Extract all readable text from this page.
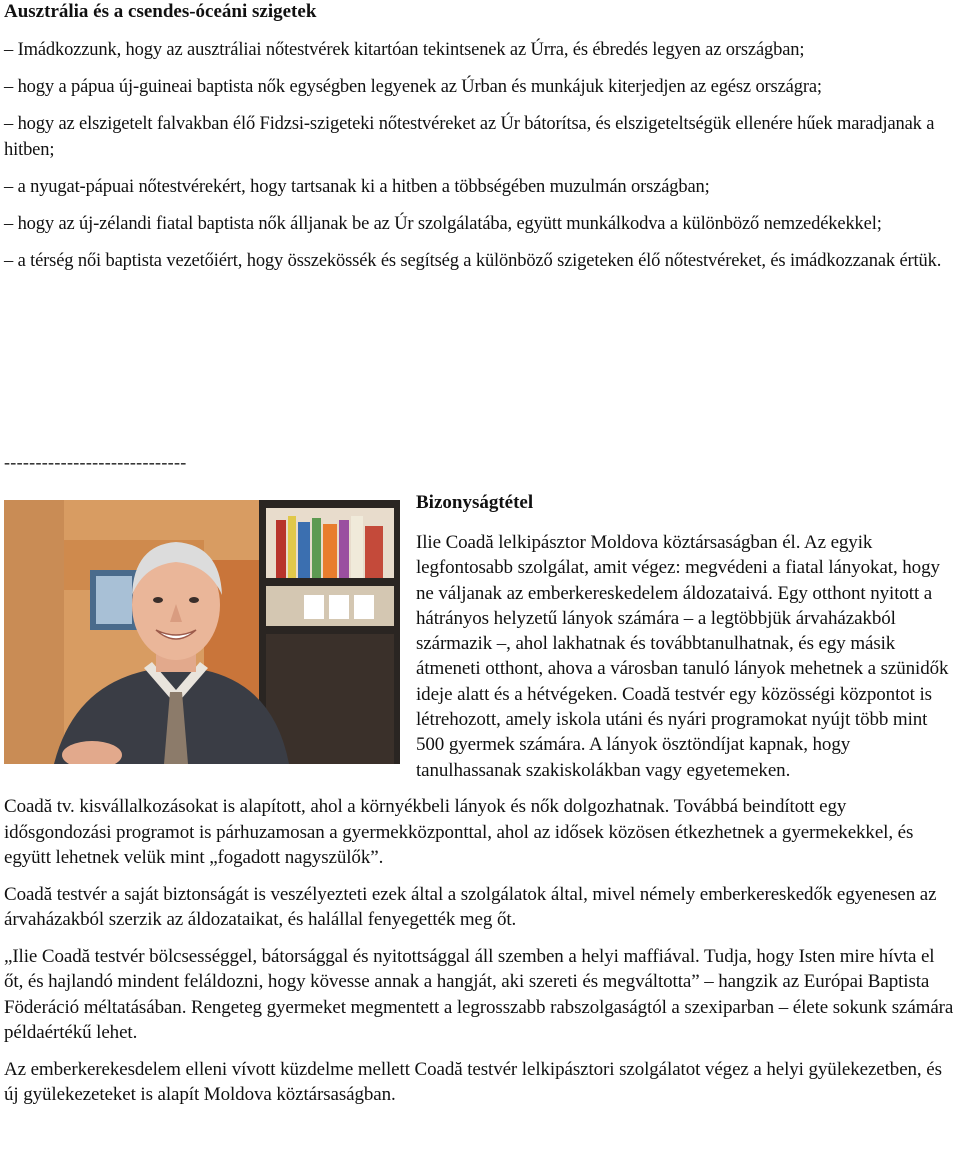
Ausztrália és a csendes-óceáni szigetek

– Imádkozzunk, hogy az ausztráliai nőtestvérek kitartóan tekintsenek az Úrra, és ébredés legyen az országban;

– hogy a pápua új-guineai baptista nők egységben legyenek az Úrban és munkájuk kiterjedjen az egész országra;

– hogy az elszigetelt falvakban élő Fidzsi-szigeteki nőtestvéreket az Úr bátorítsa, és elszigeteltségük ellenére hűek maradjanak a hitben;

– a nyugat-pápuai nőtestvérekért, hogy tartsanak ki a hitben a többségében muzulmán országban;

– hogy az új-zélandi fiatal baptista nők álljanak be az Úr szolgálatába, együtt munkálkodva a különböző nemzedékekkel;

– a térség női baptista vezetőiért, hogy összekössék és segítség a különböző szigeteken élő nőtestvéreket, és imádkozzanak értük.

-----------------------------
Bizonyságtétel

Ilie Coadă lelkipásztor Moldova köztársaságban él. Az egyik legfontosabb szolgálat, amit végez: megvédeni a fiatal lányokat, hogy ne váljanak az emberkereskedelem áldozataivá. Egy otthont nyitott a hátrányos helyzetű lányok számára – a legtöbbjük árvaházakból származik –, ahol lakhatnak és továbbtanulhatnak, és egy másik átmeneti otthont, ahova a városban tanuló lányok mehetnek a szünidők ideje alatt és a hétvégeken. Coadă testvér egy közösségi központot is létrehozott, amely iskola utáni és nyári programokat nyújt több mint 500 gyermek számára. A lányok ösztöndíjat kapnak, hogy tanulhassanak szakiskolákban vagy egyetemeken.

Coadă tv. kisvállalkozásokat is alapított, ahol a környékbeli lányok és nők dolgozhatnak. Továbbá beindított egy idősgondozási programot is párhuzamosan a gyermekközponttal, ahol az idősek közösen étkezhetnek a gyermekekkel, és együtt lehetnek velük mint „fogadott nagyszülők”.

Coadă testvér a saját biztonságát is veszélyezteti ezek által a szolgálatok által, mivel némely emberkereskedők egyenesen az árvaházakból szerzik az áldozataikat, és halállal fenyegették meg őt.

„Ilie Coadă testvér bölcsességgel, bátorsággal és nyitottsággal áll szemben a helyi maffiával. Tudja, hogy Isten mire hívta el őt, és hajlandó mindent feláldozni, hogy kövesse annak a hangját, aki szereti és megváltotta” – hangzik az Európai Baptista Föderáció méltatásában. Rengeteg gyermeket megmentett a legrosszabb rabszolgaságtól a szexiparban – élete sokunk számára példaértékű lehet.

Az emberkerekesdelem elleni vívott küzdelme mellett Coadă testvér lelkipásztori szolgálatot végez a helyi gyülekezetben, és új gyülekezeteket is alapít Moldova köztársaságban.
